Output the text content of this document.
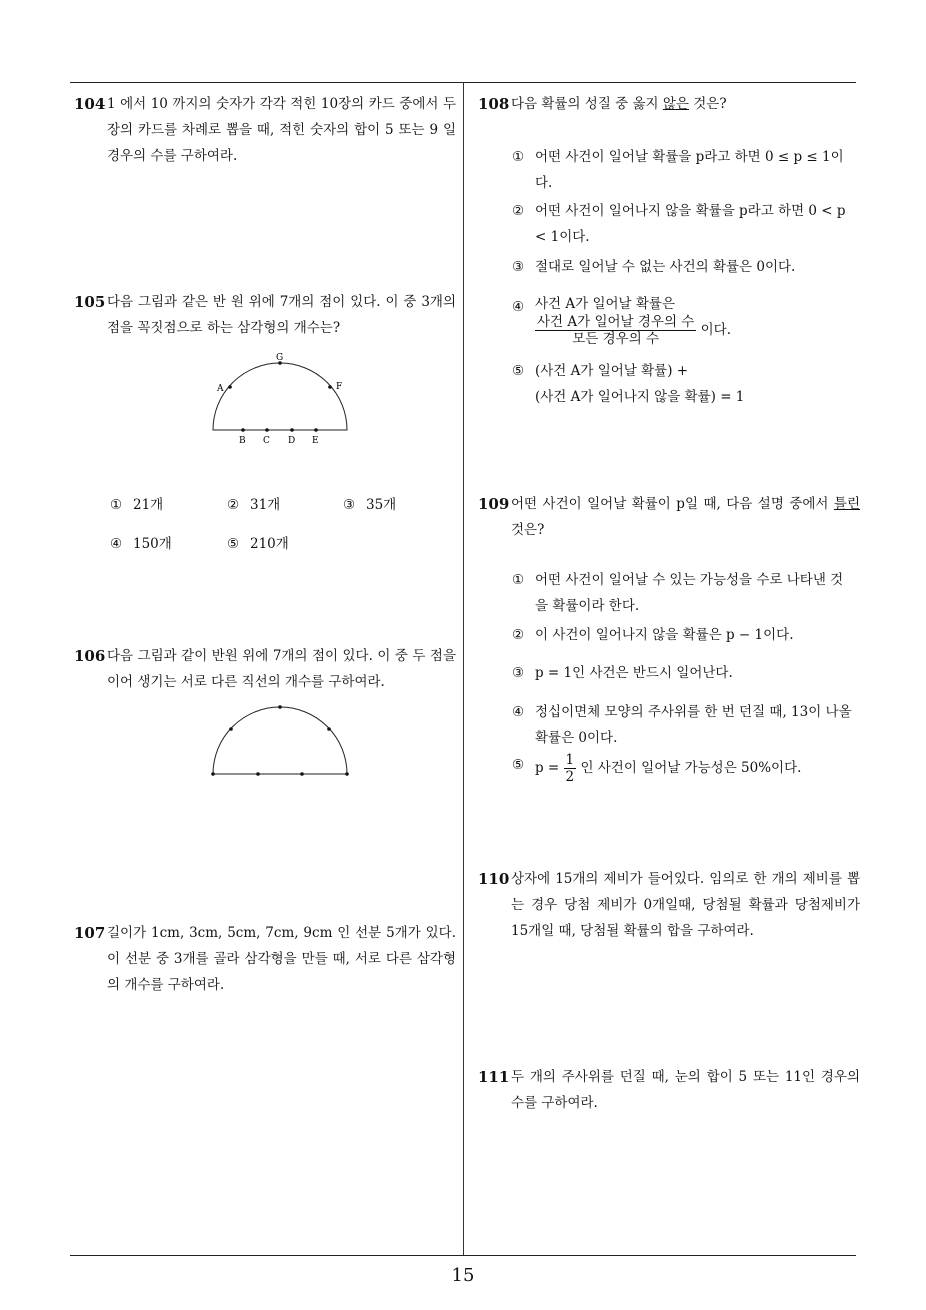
104 1 에서 10 까지의 숫자가 각각 적힌 10장의 카드 중에서 두 장의 카드를 차례로 뽑을 때, 적힌 숫자의 합이 5 또는 9 일 경우의 수를 구하여라.
105 다음 그림과 같은 반 원 위에 7개의 점이 있다. 이 중 3개의 점을 꼭짓점으로 하는 삼각형의 개수는?
G
A	F
B C D E
① 21개	② 31개	③ 35개
④ 150개	⑤ 210개
106 다음 그림과 같이 반원 위에 7개의 점이 있다. 이 중 두 점을 이어 생기는 서로 다른 직선의 개수를 구하여라.
107 길이가 1cm, 3cm, 5cm, 7cm, 9cm 인 선분 5개가 있다. 이 선분 중 3개를 골라 삼각형을 만들 때, 서로 다른 삼각형의 개수를 구하여라.
108 다음 확률의 성질 중 옳지 않은 것은?
① 어떤 사건이 일어날 확률을 p라고 하면 0 ≤ p ≤ 1이다.
② 어떤 사건이 일어나지 않을 확률을 p라고 하면 0 < p < 1이다.
③ 절대로 일어날 수 없는 사건의 확률은 0이다.
④ 사건 A가 일어날 확률은
$\frac{\text{사건 A가 일어날 경우의 수}}{\text{모든 경우의 수}}$ 이다.
⑤ (사건 A가 일어날 확률) +
(사건 A가 일어나지 않을 확률) = 1
109 어떤 사건이 일어날 확률이 p일 때, 다음 설명 중에서 틀린 것은?
① 어떤 사건이 일어날 수 있는 가능성을 수로 나타낸 것을 확률이라 한다.
② 이 사건이 일어나지 않을 확률은 p − 1이다.
③ p = 1인 사건은 반드시 일어난다.
④ 정십이면체 모양의 주사위를 한 번 던질 때, 13이 나올 확률은 0이다.
⑤ $p = \frac{1}{2}$ 인 사건이 일어날 가능성은 50%이다.
110 상자에 15개의 제비가 들어있다. 임의로 한 개의 제비를 뽑는 경우 당첨 제비가 0개일때, 당첨될 확률과 당첨제비가 15개일 때, 당첨될 확률의 합을 구하여라.
111 두 개의 주사위를 던질 때, 눈의 합이 5 또는 11인 경우의 수를 구하여라.
15
